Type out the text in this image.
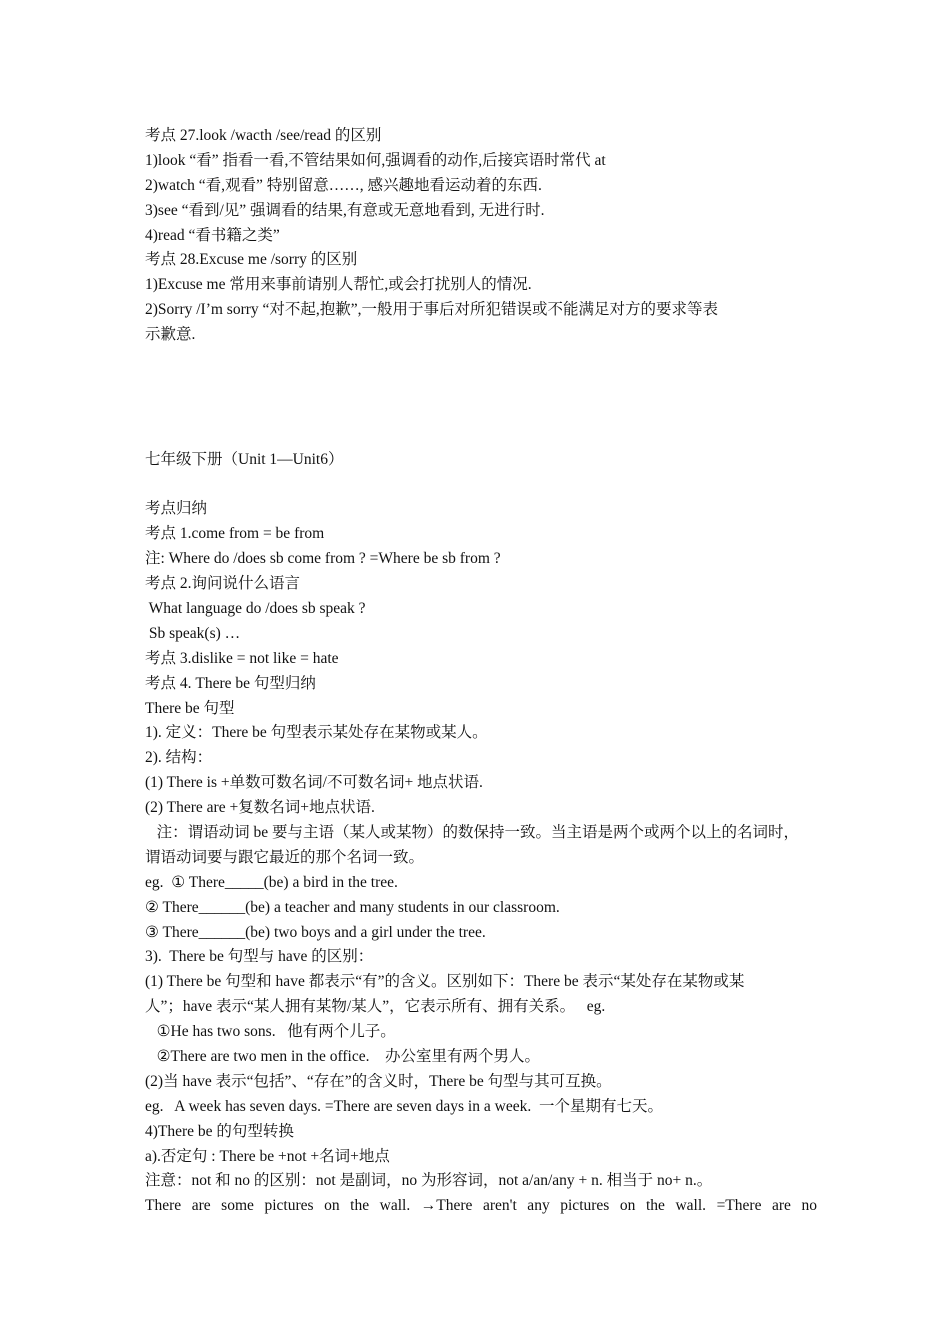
考点 27.look /wacth /see/read 的区别
1)look “看” 指看一看,不管结果如何,强调看的动作,后接宾语时常代 at
2)watch “看,观看” 特别留意……, 感兴趣地看运动着的东西.
3)see “看到/见” 强调看的结果,有意或无意地看到, 无进行时.
4)read “看书籍之类”
考点 28.Excuse me /sorry 的区别
1)Excuse me 常用来事前请别人帮忙,或会打扰别人的情况.
2)Sorry /I’m sorry “对不起,抱歉”,一般用于事后对所犯错误或不能满足对方的要求等表
示歉意.
七年级下册（Unit 1—Unit6）
考点归纳
考点 1.come from = be from
注: Where do /does sb come from ? =Where be sb from ?
考点 2.询问说什么语言
What language do /does sb speak ?
Sb speak(s) …
考点 3.dislike = not like = hate
考点 4. There be 句型归纳
There be 句型
1). 定义：There be 句型表示某处存在某物或某人。
2). 结构：
(1) There is +单数可数名词/不可数名词+ 地点状语.
(2) There are +复数名词+地点状语.
注：谓语动词 be 要与主语（某人或某物）的数保持一致。当主语是两个或两个以上的名词时，
谓语动词要与跟它最近的那个名词一致。
eg.  ① There_____(be) a bird in the tree.
② There______(be) a teacher and many students in our classroom.
③ There______(be) two boys and a girl under the tree.
3).  There be 句型与 have 的区别：
(1) There be 句型和 have 都表示“有”的含义。区别如下：There be 表示“某处存在某物或某
人”；have 表示“某人拥有某物/某人”，它表示所有、拥有关系。   eg.
①He has two sons.   他有两个儿子。
②There are two men in the office.    办公室里有两个男人。
(2)当 have 表示“包括”、“存在”的含义时，There be 句型与其可互换。
eg.   A week has seven days. =There are seven days in a week.  一个星期有七天。
4)There be 的句型转换
a).否定句 : There be +not +名词+地点
注意：not 和 no 的区别：not 是副词，no 为形容词，not a/an/any + n. 相当于 no+ n.。
There are some pictures on the wall. →There aren't any pictures on the wall. =There are no
